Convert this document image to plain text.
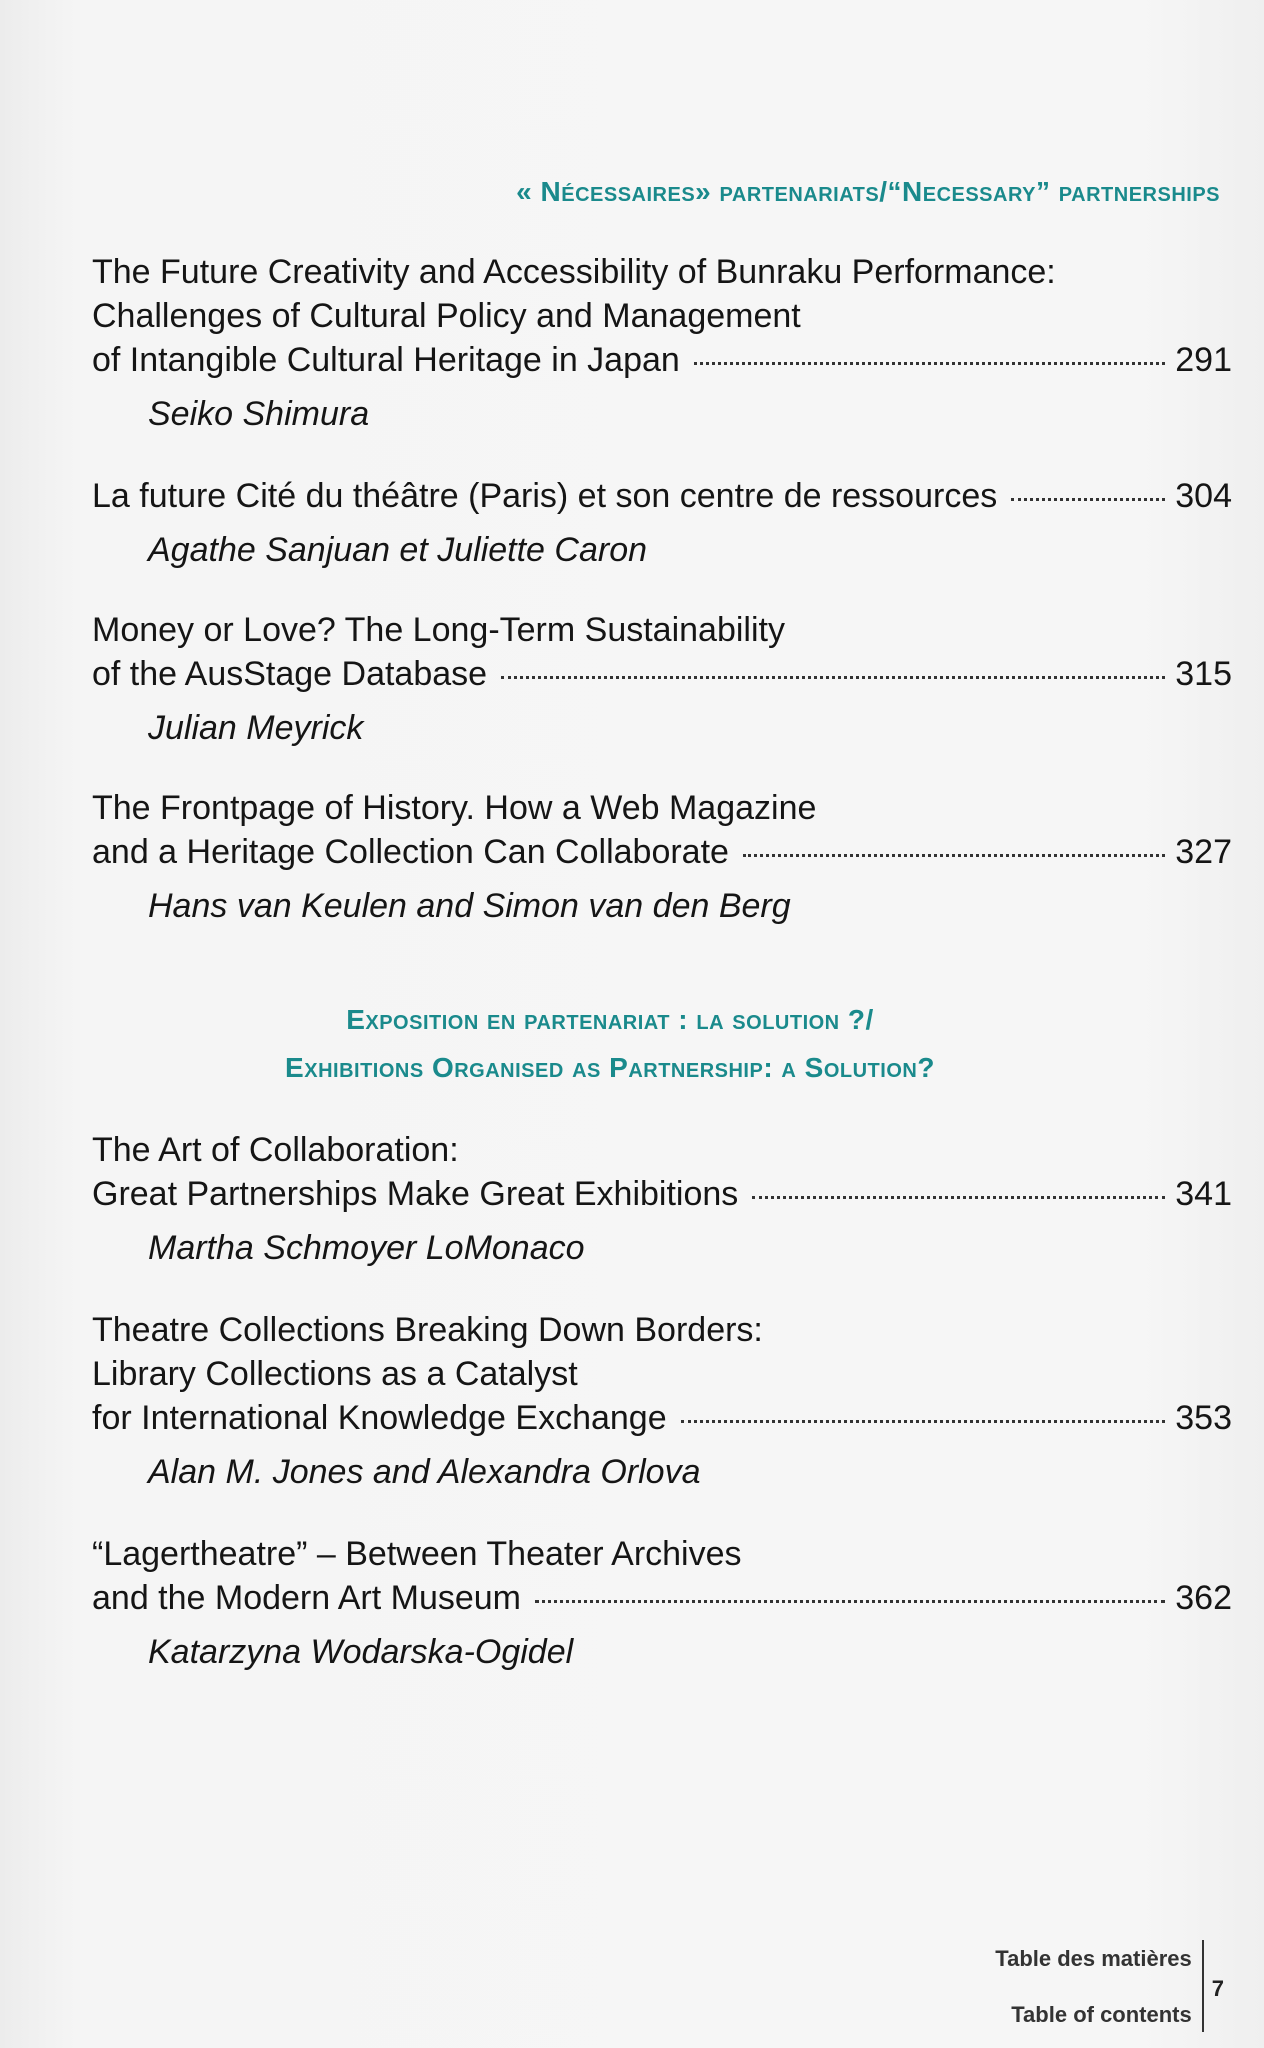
« Nécessaires» partenariats/“Necessary” partnerships
The Future Creativity and Accessibility of Bunraku Performance:
Challenges of Cultural Policy and Management
of Intangible Cultural Heritage in Japan	291
Seiko Shimura
La future Cité du théâtre (Paris) et son centre de ressources	304
Agathe Sanjuan et Juliette Caron
Money or Love? The Long-Term Sustainability
of the AusStage Database	315
Julian Meyrick
The Frontpage of History. How a Web Magazine
and a Heritage Collection Can Collaborate	327
Hans van Keulen and Simon van den Berg
Exposition en partenariat : la solution ?/
Exhibitions Organised as Partnership: a Solution?
The Art of Collaboration:
Great Partnerships Make Great Exhibitions	341
Martha Schmoyer LoMonaco
Theatre Collections Breaking Down Borders:
Library Collections as a Catalyst
for International Knowledge Exchange	353
Alan M. Jones and Alexandra Orlova
“Lagertheatre” – Between Theater Archives
and the Modern Art Museum	362
Katarzyna Wodarska-Ogidel
Table des matières
Table of contents
7
